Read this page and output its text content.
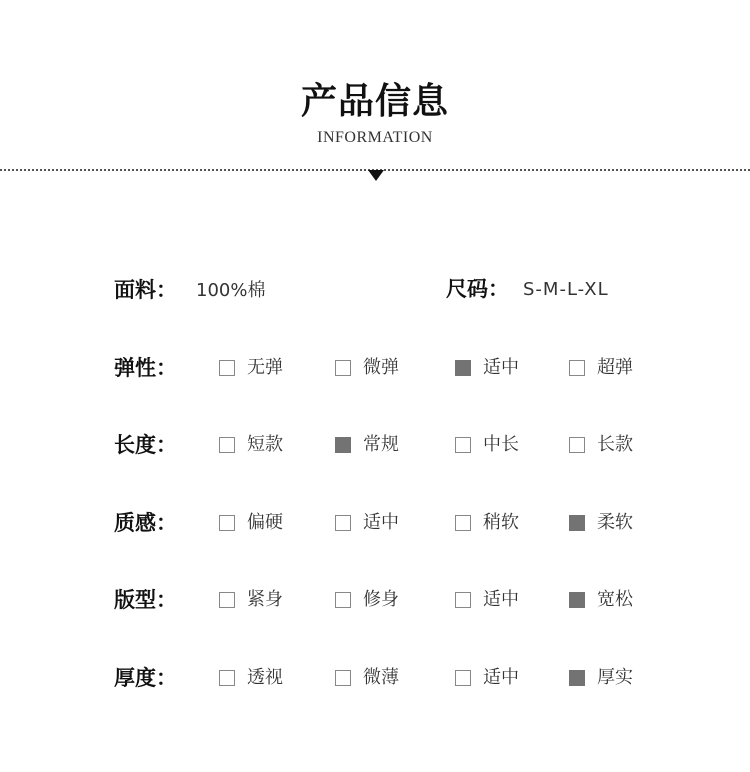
产品信息
INFORMATION
面料： 100%棉	尺码： S-M-L-XL
弹性：	无弹	微弹	适中	超弹
长度：	短款	常规	中长	长款
质感：	偏硬	适中	稍软	柔软
版型：	紧身	修身	适中	宽松
厚度：	透视	微薄	适中	厚实
